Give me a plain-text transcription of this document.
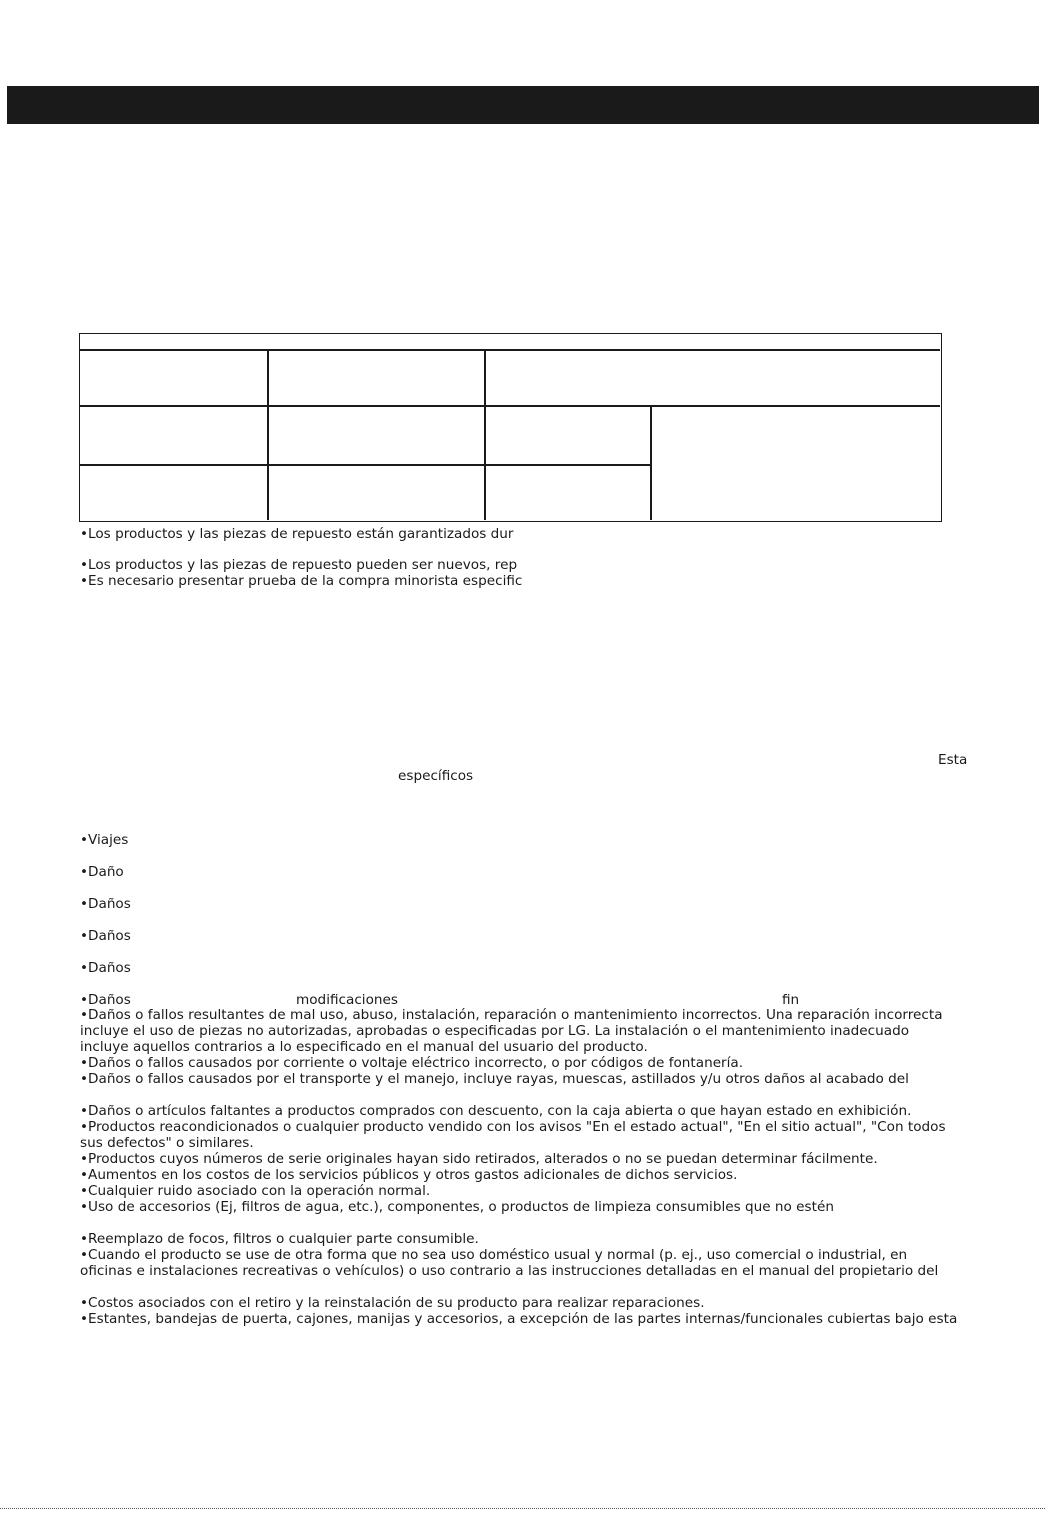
•Los productos y las piezas de repuesto están garantizados dur

•Los productos y las piezas de repuesto pueden ser nuevos, rep

•Es necesario presentar prueba de la compra minorista especific

Esta

específicos

•Viajes

•Daño

•Daños

•Daños

•Daños

•Daños	modificaciones	fin

•Daños o fallos resultantes de mal uso, abuso, instalación, reparación o mantenimiento incorrectos. Una reparación incorrecta

incluye el uso de piezas no autorizadas, aprobadas o especificadas por LG. La instalación o el mantenimiento inadecuado

incluye aquellos contrarios a lo especificado en el manual del usuario del producto.

•Daños o fallos causados por corriente o voltaje eléctrico incorrecto, o por códigos de fontanería.

•Daños o fallos causados por el transporte y el manejo, incluye rayas, muescas, astillados y/u otros daños al acabado del

•Daños o artículos faltantes a productos comprados con descuento, con la caja abierta o que hayan estado en exhibición.

•Productos reacondicionados o cualquier producto vendido con los avisos "En el estado actual", "En el sitio actual", "Con todos

sus defectos" o similares.

•Productos cuyos números de serie originales hayan sido retirados, alterados o no se puedan determinar fácilmente.

•Aumentos en los costos de los servicios públicos y otros gastos adicionales de dichos servicios.

•Cualquier ruido asociado con la operación normal.

•Uso de accesorios (Ej, filtros de agua, etc.), componentes, o productos de limpieza consumibles que no estén

•Reemplazo de focos, filtros o cualquier parte consumible.

•Cuando el producto se use de otra forma que no sea uso doméstico usual y normal (p. ej., uso comercial o industrial, en

oficinas e instalaciones recreativas o vehículos) o uso contrario a las instrucciones detalladas en el manual del propietario del

•Costos asociados con el retiro y la reinstalación de su producto para realizar reparaciones.

•Estantes, bandejas de puerta, cajones, manijas y accesorios, a excepción de las partes internas/funcionales cubiertas bajo esta
